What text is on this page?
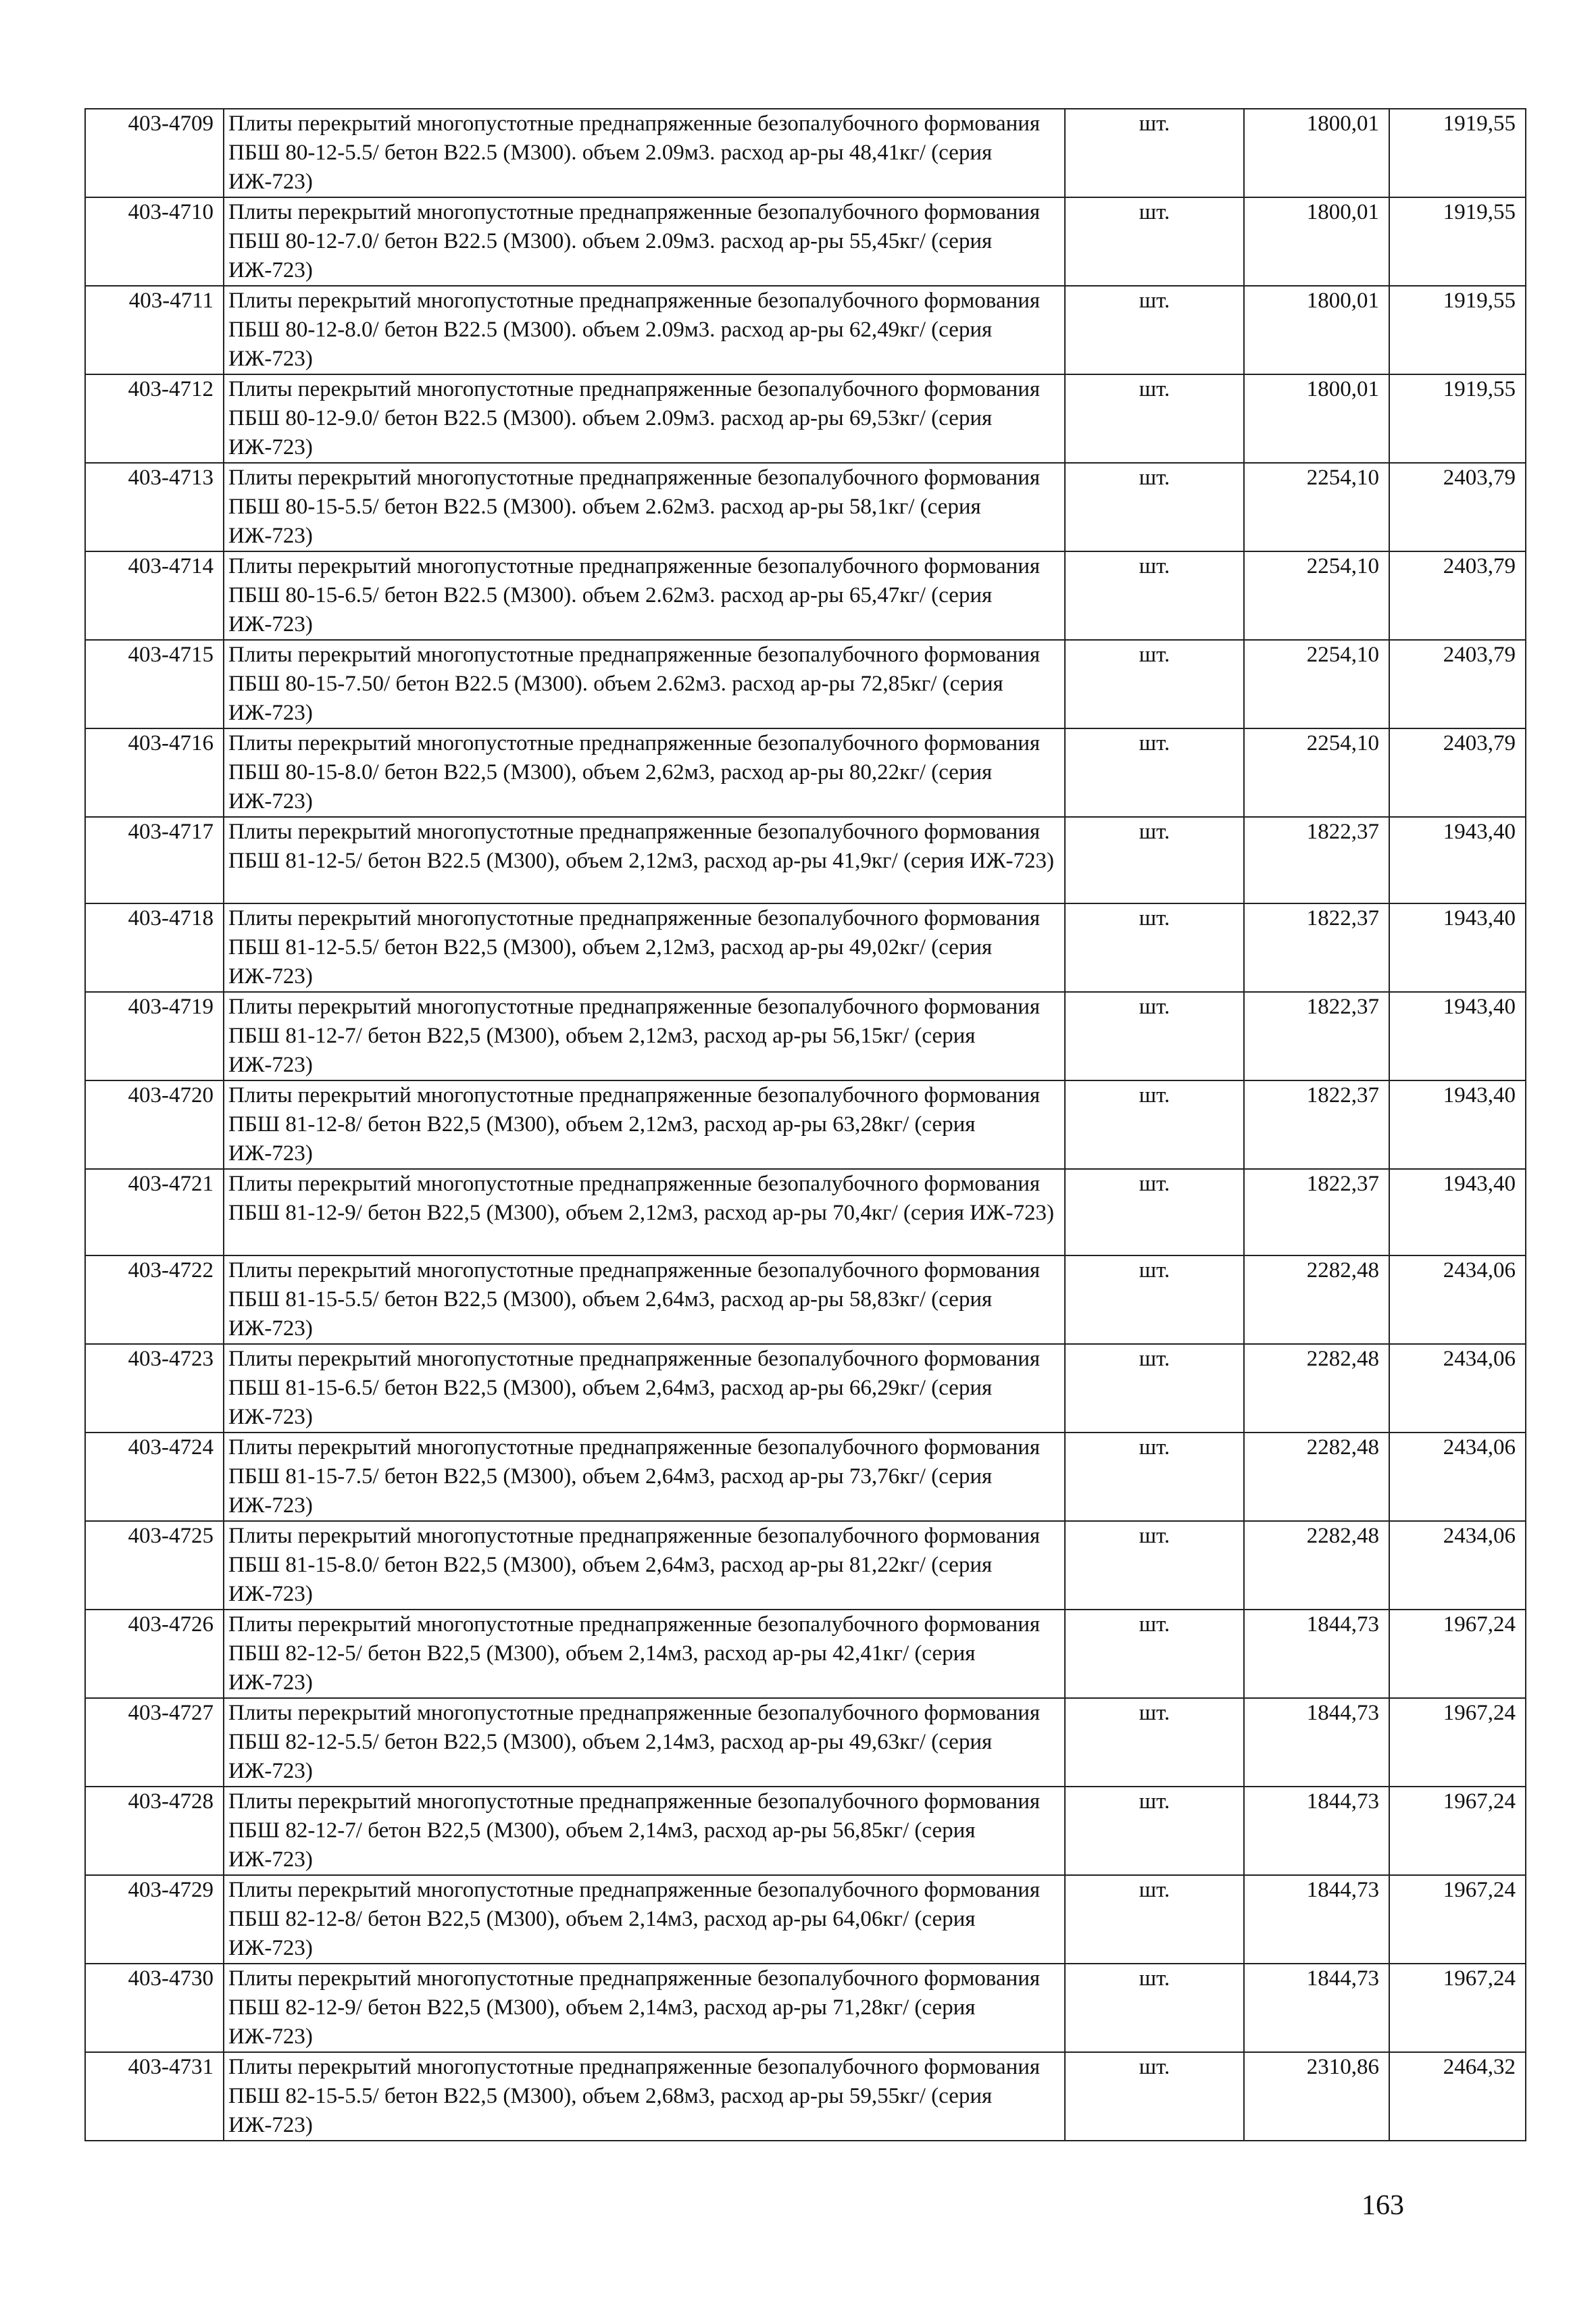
403-4709	Плиты перекрытий многопустотные преднапряженные безопалубочного формования ПБШ 80-12-5.5/ бетон В22.5 (М300). объем 2.09м3. расход ар-ры 48,41кг/ (серия ИЖ-723)	шт.	1800,01	1919,55
403-4710	Плиты перекрытий многопустотные преднапряженные безопалубочного формования ПБШ 80-12-7.0/ бетон В22.5 (М300). объем 2.09м3. расход ар-ры 55,45кг/ (серия ИЖ-723)	шт.	1800,01	1919,55
403-4711	Плиты перекрытий многопустотные преднапряженные безопалубочного формования ПБШ 80-12-8.0/ бетон В22.5 (М300). объем 2.09м3. расход ар-ры 62,49кг/ (серия ИЖ-723)	шт.	1800,01	1919,55
403-4712	Плиты перекрытий многопустотные преднапряженные безопалубочного формования ПБШ 80-12-9.0/ бетон В22.5 (М300). объем 2.09м3. расход ар-ры 69,53кг/ (серия ИЖ-723)	шт.	1800,01	1919,55
403-4713	Плиты перекрытий многопустотные преднапряженные безопалубочного формования ПБШ 80-15-5.5/ бетон В22.5 (М300). объем 2.62м3. расход ар-ры 58,1кг/ (серия ИЖ-723)	шт.	2254,10	2403,79
403-4714	Плиты перекрытий многопустотные преднапряженные безопалубочного формования ПБШ 80-15-6.5/ бетон В22.5 (М300). объем 2.62м3. расход ар-ры 65,47кг/ (серия ИЖ-723)	шт.	2254,10	2403,79
403-4715	Плиты перекрытий многопустотные преднапряженные безопалубочного формования ПБШ 80-15-7.50/ бетон В22.5 (М300). объем 2.62м3. расход ар-ры 72,85кг/ (серия ИЖ-723)	шт.	2254,10	2403,79
403-4716	Плиты перекрытий многопустотные преднапряженные безопалубочного формования ПБШ 80-15-8.0/ бетон В22,5 (М300), объем 2,62м3, расход ар-ры 80,22кг/ (серия ИЖ-723)	шт.	2254,10	2403,79
403-4717	Плиты перекрытий многопустотные преднапряженные безопалубочного формования ПБШ 81-12-5/ бетон В22.5 (М300), объем 2,12м3, расход ар-ры 41,9кг/ (серия ИЖ-723)	шт.	1822,37	1943,40
403-4718	Плиты перекрытий многопустотные преднапряженные безопалубочного формования ПБШ 81-12-5.5/ бетон В22,5 (М300), объем 2,12м3, расход ар-ры 49,02кг/ (серия ИЖ-723)	шт.	1822,37	1943,40
403-4719	Плиты перекрытий многопустотные преднапряженные безопалубочного формования ПБШ 81-12-7/ бетон В22,5 (М300), объем 2,12м3, расход ар-ры 56,15кг/ (серия ИЖ-723)	шт.	1822,37	1943,40
403-4720	Плиты перекрытий многопустотные преднапряженные безопалубочного формования ПБШ 81-12-8/ бетон В22,5 (М300), объем 2,12м3, расход ар-ры 63,28кг/ (серия ИЖ-723)	шт.	1822,37	1943,40
403-4721	Плиты перекрытий многопустотные преднапряженные безопалубочного формования ПБШ 81-12-9/ бетон В22,5 (М300), объем 2,12м3, расход ар-ры 70,4кг/ (серия ИЖ-723)	шт.	1822,37	1943,40
403-4722	Плиты перекрытий многопустотные преднапряженные безопалубочного формования ПБШ 81-15-5.5/ бетон В22,5 (М300), объем 2,64м3, расход ар-ры 58,83кг/ (серия ИЖ-723)	шт.	2282,48	2434,06
403-4723	Плиты перекрытий многопустотные преднапряженные безопалубочного формования ПБШ 81-15-6.5/ бетон В22,5 (М300), объем 2,64м3, расход ар-ры 66,29кг/ (серия ИЖ-723)	шт.	2282,48	2434,06
403-4724	Плиты перекрытий многопустотные преднапряженные безопалубочного формования ПБШ 81-15-7.5/ бетон В22,5 (М300), объем 2,64м3, расход ар-ры 73,76кг/ (серия ИЖ-723)	шт.	2282,48	2434,06
403-4725	Плиты перекрытий многопустотные преднапряженные безопалубочного формования ПБШ 81-15-8.0/ бетон В22,5 (М300), объем 2,64м3, расход ар-ры 81,22кг/ (серия ИЖ-723)	шт.	2282,48	2434,06
403-4726	Плиты перекрытий многопустотные преднапряженные безопалубочного формования ПБШ 82-12-5/ бетон В22,5 (М300), объем 2,14м3, расход ар-ры 42,41кг/ (серия ИЖ-723)	шт.	1844,73	1967,24
403-4727	Плиты перекрытий многопустотные преднапряженные безопалубочного формования ПБШ 82-12-5.5/ бетон В22,5 (М300), объем 2,14м3, расход ар-ры 49,63кг/ (серия ИЖ-723)	шт.	1844,73	1967,24
403-4728	Плиты перекрытий многопустотные преднапряженные безопалубочного формования ПБШ 82-12-7/ бетон В22,5 (М300), объем 2,14м3, расход ар-ры 56,85кг/ (серия ИЖ-723)	шт.	1844,73	1967,24
403-4729	Плиты перекрытий многопустотные преднапряженные безопалубочного формования ПБШ 82-12-8/ бетон В22,5 (М300), объем 2,14м3, расход ар-ры 64,06кг/ (серия ИЖ-723)	шт.	1844,73	1967,24
403-4730	Плиты перекрытий многопустотные преднапряженные безопалубочного формования ПБШ 82-12-9/ бетон В22,5 (М300), объем 2,14м3, расход ар-ры 71,28кг/ (серия ИЖ-723)	шт.	1844,73	1967,24
403-4731	Плиты перекрытий многопустотные преднапряженные безопалубочного формования ПБШ 82-15-5.5/ бетон В22,5 (М300), объем 2,68м3, расход ар-ры 59,55кг/ (серия ИЖ-723)	шт.	2310,86	2464,32
163
